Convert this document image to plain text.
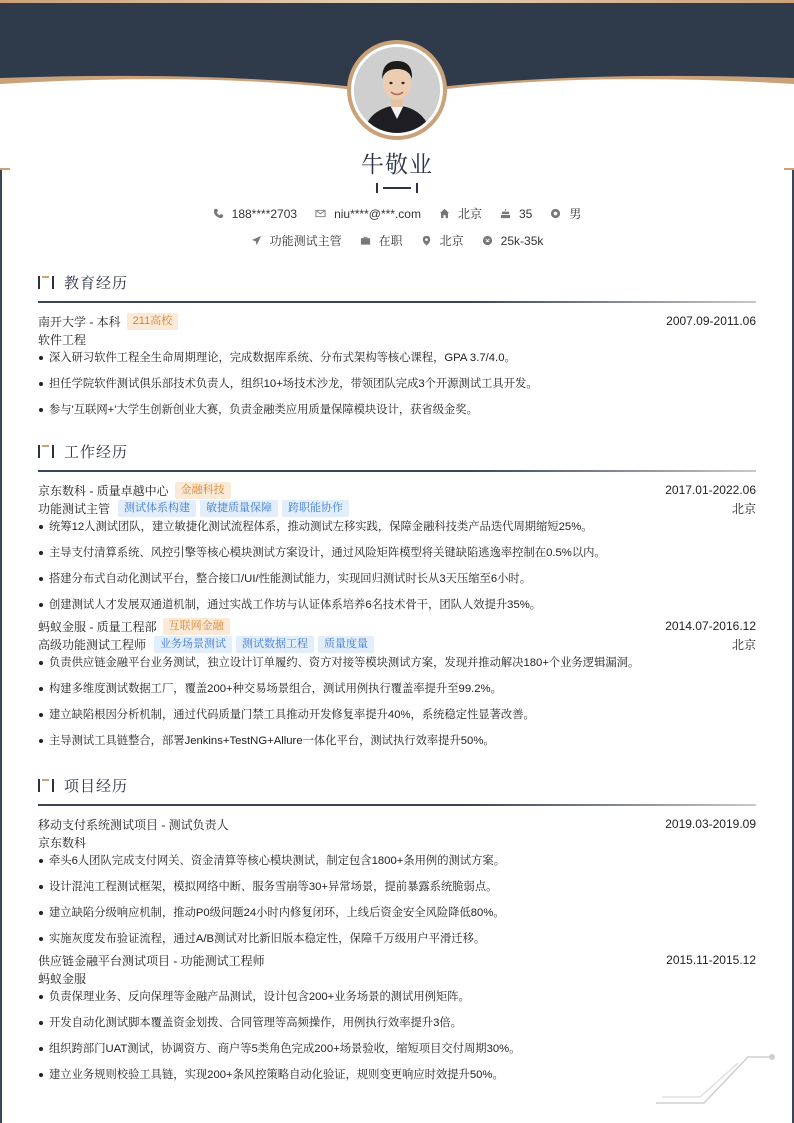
牛敬业
188****2703	niu****@***.com	北京	35	男
功能测试主管	在职	北京	25k-35k
教育经历
南开大学 - 本科	211高校	2007.09-2011.06
软件工程
深入研习软件工程全生命周期理论，完成数据库系统、分布式架构等核心课程，GPA 3.7/4.0。
担任学院软件测试俱乐部技术负责人，组织10+场技术沙龙，带领团队完成3个开源测试工具开发。
参与'互联网+'大学生创新创业大赛，负责金融类应用质量保障模块设计，获省级金奖。
工作经历
京东数科 - 质量卓越中心	金融科技	2017.01-2022.06
功能测试主管	测试体系构建	敏捷质量保障	跨职能协作	北京
统筹12人测试团队，建立敏捷化测试流程体系，推动测试左移实践，保障金融科技类产品迭代周期缩短25%。
主导支付清算系统、风控引擎等核心模块测试方案设计，通过风险矩阵模型将关键缺陷逃逸率控制在0.5%以内。
搭建分布式自动化测试平台，整合接口/UI/性能测试能力，实现回归测试时长从3天压缩至6小时。
创建测试人才发展双通道机制，通过实战工作坊与认证体系培养6名技术骨干，团队人效提升35%。
蚂蚁金服 - 质量工程部	互联网金融	2014.07-2016.12
高级功能测试工程师	业务场景测试	测试数据工程	质量度量	北京
负责供应链金融平台业务测试，独立设计订单履约、资方对接等模块测试方案，发现并推动解决180+个业务逻辑漏洞。
构建多维度测试数据工厂，覆盖200+种交易场景组合，测试用例执行覆盖率提升至99.2%。
建立缺陷根因分析机制，通过代码质量门禁工具推动开发修复率提升40%，系统稳定性显著改善。
主导测试工具链整合，部署Jenkins+TestNG+Allure一体化平台，测试执行效率提升50%。
项目经历
移动支付系统测试项目 - 测试负责人	2019.03-2019.09
京东数科
牵头6人团队完成支付网关、资金清算等核心模块测试，制定包含1800+条用例的测试方案。
设计混沌工程测试框架，模拟网络中断、服务雪崩等30+异常场景，提前暴露系统脆弱点。
建立缺陷分级响应机制，推动P0级问题24小时内修复闭环，上线后资金安全风险降低80%。
实施灰度发布验证流程，通过A/B测试对比新旧版本稳定性，保障千万级用户平滑迁移。
供应链金融平台测试项目 - 功能测试工程师	2015.11-2015.12
蚂蚁金服
负责保理业务、反向保理等金融产品测试，设计包含200+业务场景的测试用例矩阵。
开发自动化测试脚本覆盖资金划拨、合同管理等高频操作，用例执行效率提升3倍。
组织跨部门UAT测试，协调资方、商户等5类角色完成200+场景验收，缩短项目交付周期30%。
建立业务规则校验工具链，实现200+条风控策略自动化验证，规则变更响应时效提升50%。
